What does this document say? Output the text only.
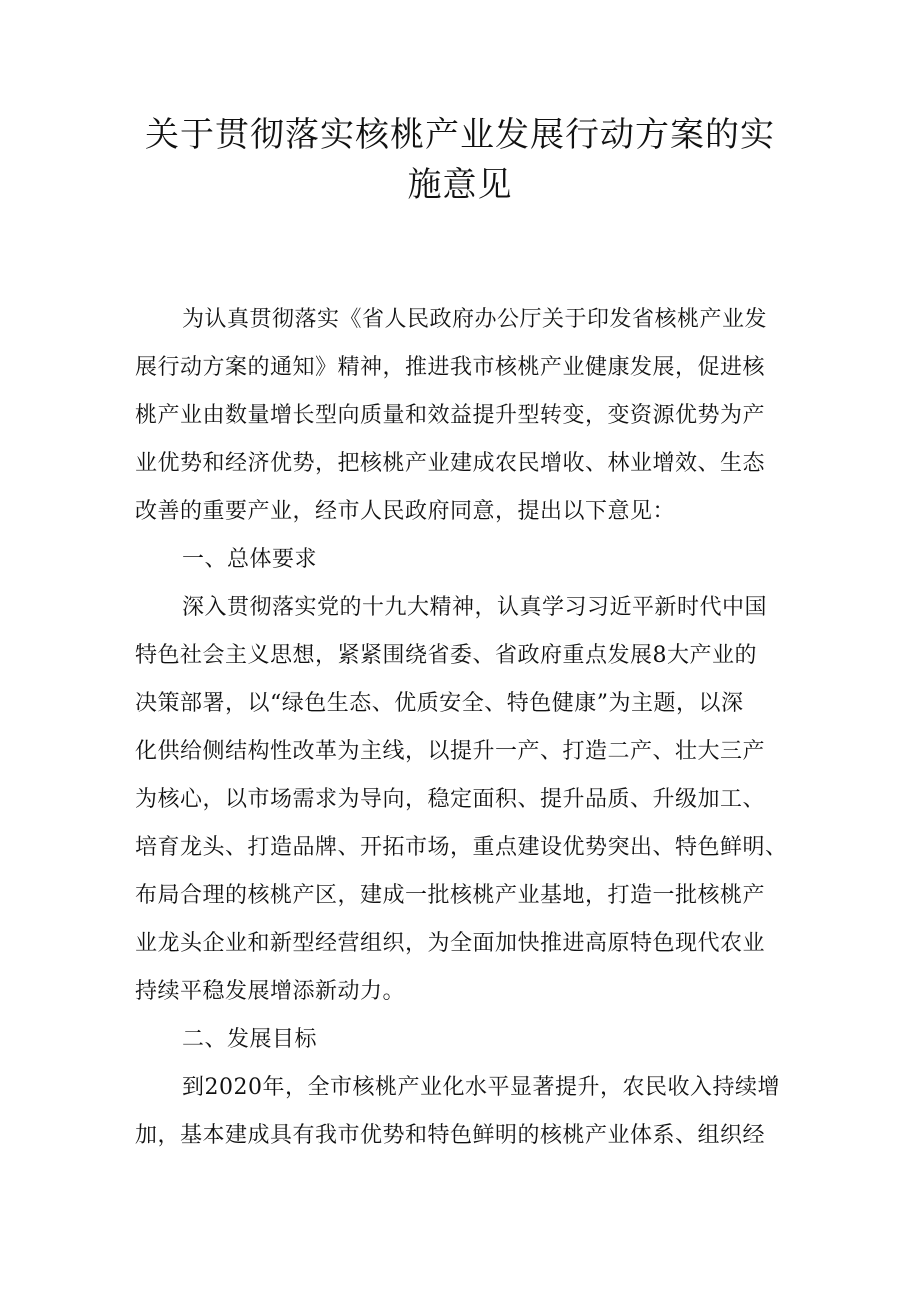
关于贯彻落实核桃产业发展行动方案的实
施意见
为认真贯彻落实《省人民政府办公厅关于印发省核桃产业发
展行动方案的通知》精神，推进我市核桃产业健康发展，促进核
桃产业由数量增长型向质量和效益提升型转变，变资源优势为产
业优势和经济优势，把核桃产业建成农民增收、林业增效、生态
改善的重要产业，经市人民政府同意，提出以下意见：
一、总体要求
深入贯彻落实党的十九大精神，认真学习习近平新时代中国
特色社会主义思想，紧紧围绕省委、省政府重点发展8大产业的
决策部署，以“绿色生态、优质安全、特色健康”为主题，以深
化供给侧结构性改革为主线，以提升一产、打造二产、壮大三产
为核心，以市场需求为导向，稳定面积、提升品质、升级加工、
培育龙头、打造品牌、开拓市场，重点建设优势突出、特色鲜明、
布局合理的核桃产区，建成一批核桃产业基地，打造一批核桃产
业龙头企业和新型经营组织，为全面加快推进高原特色现代农业
持续平稳发展增添新动力。
二、发展目标
到2020年，全市核桃产业化水平显著提升，农民收入持续增
加，基本建成具有我市优势和特色鲜明的核桃产业体系、组织经
